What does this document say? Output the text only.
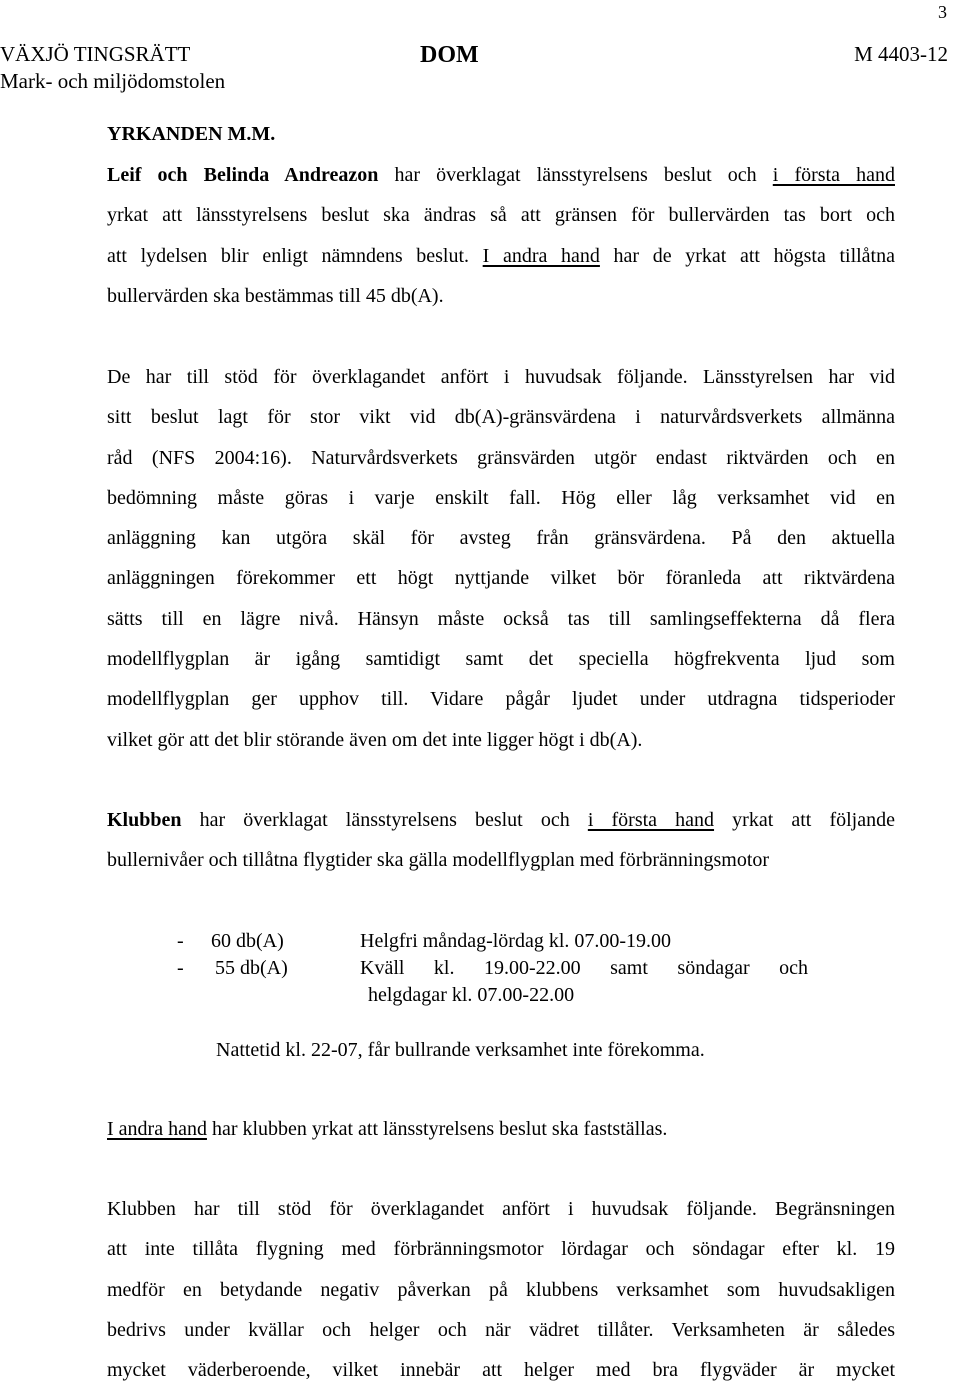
3
VÄXJÖ TINGSRÄTT
Mark- och miljödomstolen
DOM	M 4403-12
YRKANDEN M.M.
Leif och Belinda Andreazon har överklagat länsstyrelsens beslut och i första hand
yrkat att länsstyrelsens beslut ska ändras så att gränsen för bullervärden tas bort och
att lydelsen blir enligt nämndens beslut. I andra hand har de yrkat att högsta tillåtna
bullervärden ska bestämmas till 45 db(A).
De har till stöd för överklagandet anfört i huvudsak följande. Länsstyrelsen har vid
sitt beslut lagt för stor vikt vid db(A)-gränsvärdena i naturvårdsverkets allmänna
råd (NFS 2004:16). Naturvårdsverkets gränsvärden utgör endast riktvärden och en
bedömning måste göras i varje enskilt fall. Hög eller låg verksamhet vid en
anläggning kan utgöra skäl för avsteg från gränsvärdena. På den aktuella
anläggningen förekommer ett högt nyttjande vilket bör föranleda att riktvärdena
sätts till en lägre nivå. Hänsyn måste också tas till samlingseffekterna då flera
modellflygplan är igång samtidigt samt det speciella högfrekventa ljud som
modellflygplan ger upphov till. Vidare pågår ljudet under utdragna tidsperioder
vilket gör att det blir störande även om det inte ligger högt i db(A).
Klubben har överklagat länsstyrelsens beslut och i första hand yrkat att följande
bullernivåer och tillåtna flygtider ska gälla modellflygplan med förbränningsmotor
- 60 db(A)	Helgfri måndag-lördag kl. 07.00-19.00
- 55 db(A)	Kväll kl. 19.00-22.00 samt söndagar och
helgdagar kl. 07.00-22.00
Nattetid kl. 22-07, får bullrande verksamhet inte förekomma.
I andra hand har klubben yrkat att länsstyrelsens beslut ska fastställas.
Klubben har till stöd för överklagandet anfört i huvudsak följande. Begränsningen
att inte tillåta flygning med förbränningsmotor lördagar och söndagar efter kl. 19
medför en betydande negativ påverkan på klubbens verksamhet som huvudsakligen
bedrivs under kvällar och helger och när vädret tillåter. Verksamheten är således
mycket väderberoende, vilket innebär att helger med bra flygväder är mycket
